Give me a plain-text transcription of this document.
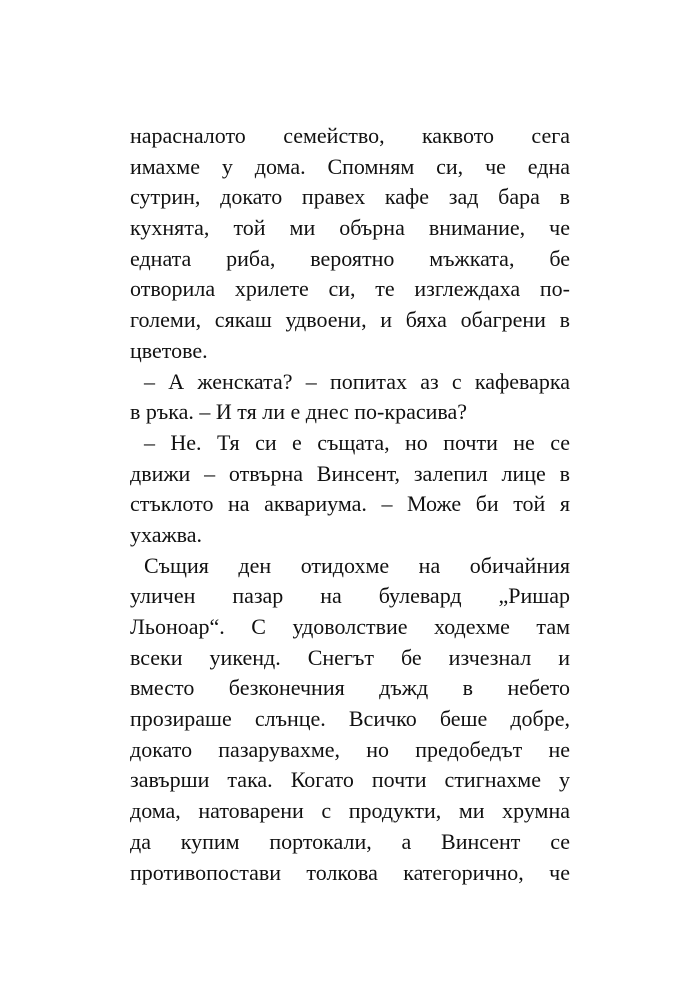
нарасналото семейство, каквото сега
имахме у дома. Спомням си, че една
сутрин, докато правех кафе зад бара в
кухнята, той ми обърна внимание, че
едната риба, вероятно мъжката, бе
отворила хрилете си, те изглеждаха по-
големи, сякаш удвоени, и бяха обагрени в
цветове.
– А женската? – попитах аз с кафеварка
в ръка. – И тя ли е днес по-красива?
– Не. Тя си е същата, но почти не се
движи – отвърна Винсент, залепил лице в
стъклото на аквариума. – Може би той я
ухажва.
Същия ден отидохме на обичайния
уличен пазар на булевард „Ришар
Льоноар“. С удоволствие ходехме там
всеки уикенд. Снегът бе изчезнал и
вместо безконечния дъжд в небето
прозираше слънце. Всичко беше добре,
докато пазарувахме, но предобедът не
завърши така. Когато почти стигнахме у
дома, натоварени с продукти, ми хрумна
да купим портокали, а Винсент се
противопостави толкова категорично, че
